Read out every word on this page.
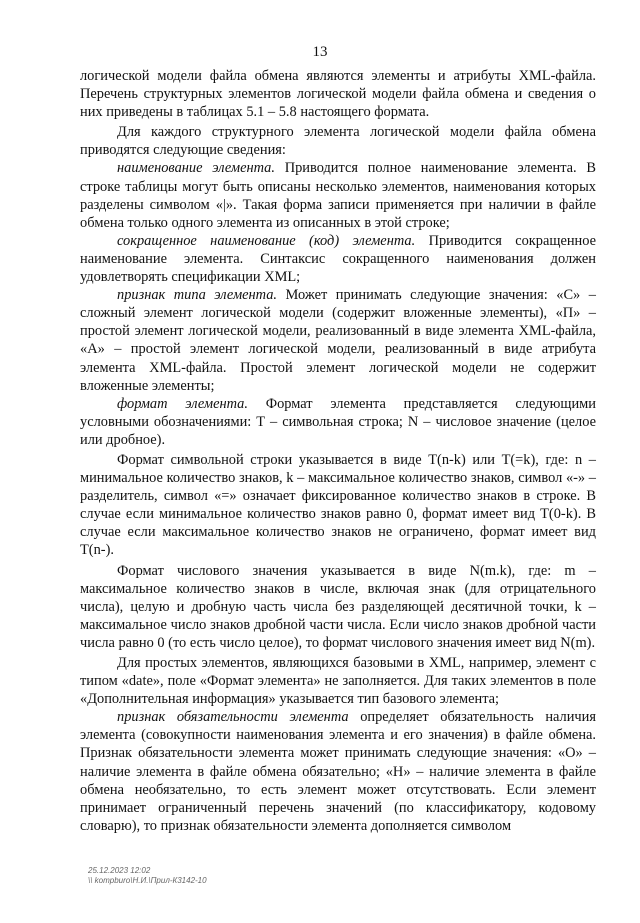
13

логической модели файла обмена являются элементы и атрибуты XML-файла. Перечень структурных элементов логической модели файла обмена и сведения о них приведены в таблицах 5.1 – 5.8 настоящего формата.

Для каждого структурного элемента логической модели файла обмена приводятся следующие сведения:

наименование элемента. Приводится полное наименование элемента. В строке таблицы могут быть описаны несколько элементов, наименования которых разделены символом «|». Такая форма записи применяется при наличии в файле обмена только одного элемента из описанных в этой строке;

сокращенное наименование (код) элемента. Приводится сокращенное наименование элемента. Синтаксис сокращенного наименования должен удовлетворять спецификации XML;

признак типа элемента. Может принимать следующие значения: «С» – сложный элемент логической модели (содержит вложенные элементы), «П» – простой элемент логической модели, реализованный в виде элемента XML-файла, «А» – простой элемент логической модели, реализованный в виде атрибута элемента XML-файла. Простой элемент логической модели не содержит вложенные элементы;

формат элемента. Формат элемента представляется следующими условными обозначениями: Т – символьная строка; N – числовое значение (целое или дробное).

Формат символьной строки указывается в виде Т(n-k) или Т(=k), где: n – минимальное количество знаков, k – максимальное количество знаков, символ «-» – разделитель, символ «=» означает фиксированное количество знаков в строке. В случае если минимальное количество знаков равно 0, формат имеет вид Т(0-k). В случае если максимальное количество знаков не ограничено, формат имеет вид Т(n-).

Формат числового значения указывается в виде N(m.k), где: m – максимальное количество знаков в числе, включая знак (для отрицательного числа), целую и дробную часть числа без разделяющей десятичной точки, k – максимальное число знаков дробной части числа. Если число знаков дробной части числа равно 0 (то есть число целое), то формат числового значения имеет вид N(m).

Для простых элементов, являющихся базовыми в XML, например, элемент с типом «date», поле «Формат элемента» не заполняется. Для таких элементов в поле «Дополнительная информация» указывается тип базового элемента;

признак обязательности элемента определяет обязательность наличия элемента (совокупности наименования элемента и его значения) в файле обмена. Признак обязательности элемента может принимать следующие значения: «О» – наличие элемента в файле обмена обязательно; «Н» – наличие элемента в файле обмена необязательно, то есть элемент может отсутствовать. Если элемент принимает ограниченный перечень значений (по классификатору, кодовому словарю), то признак обязательности элемента дополняется символом

25.12.2023 12:02
\\ kompburo\Н.И.\Прил-К3142-10
